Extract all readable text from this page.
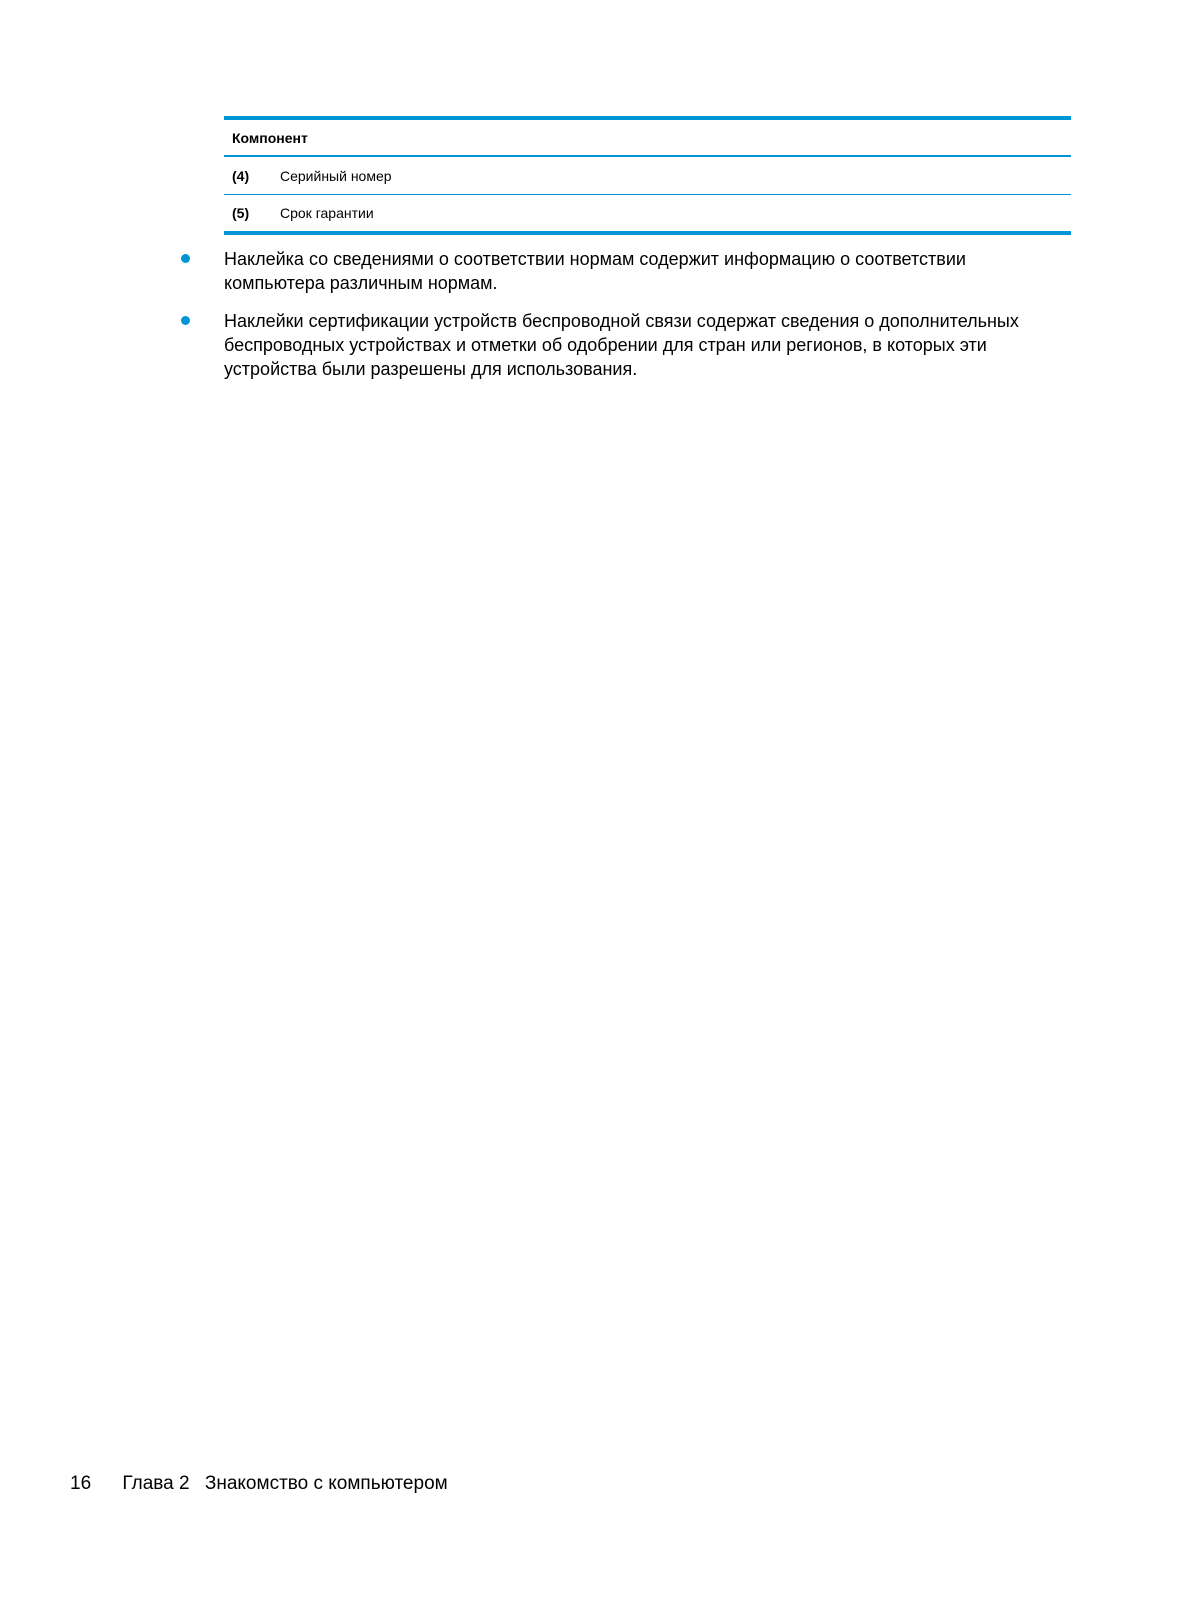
Компонент
(4)	Серийный номер
(5)	Срок гарантии
Наклейка со сведениями о соответствии нормам содержит информацию о соответствии компьютера различным нормам.
Наклейки сертификации устройств беспроводной связи содержат сведения о дополнительных беспроводных устройствах и отметки об одобрении для стран или регионов, в которых эти устройства были разрешены для использования.
16 Глава 2 Знакомство с компьютером
